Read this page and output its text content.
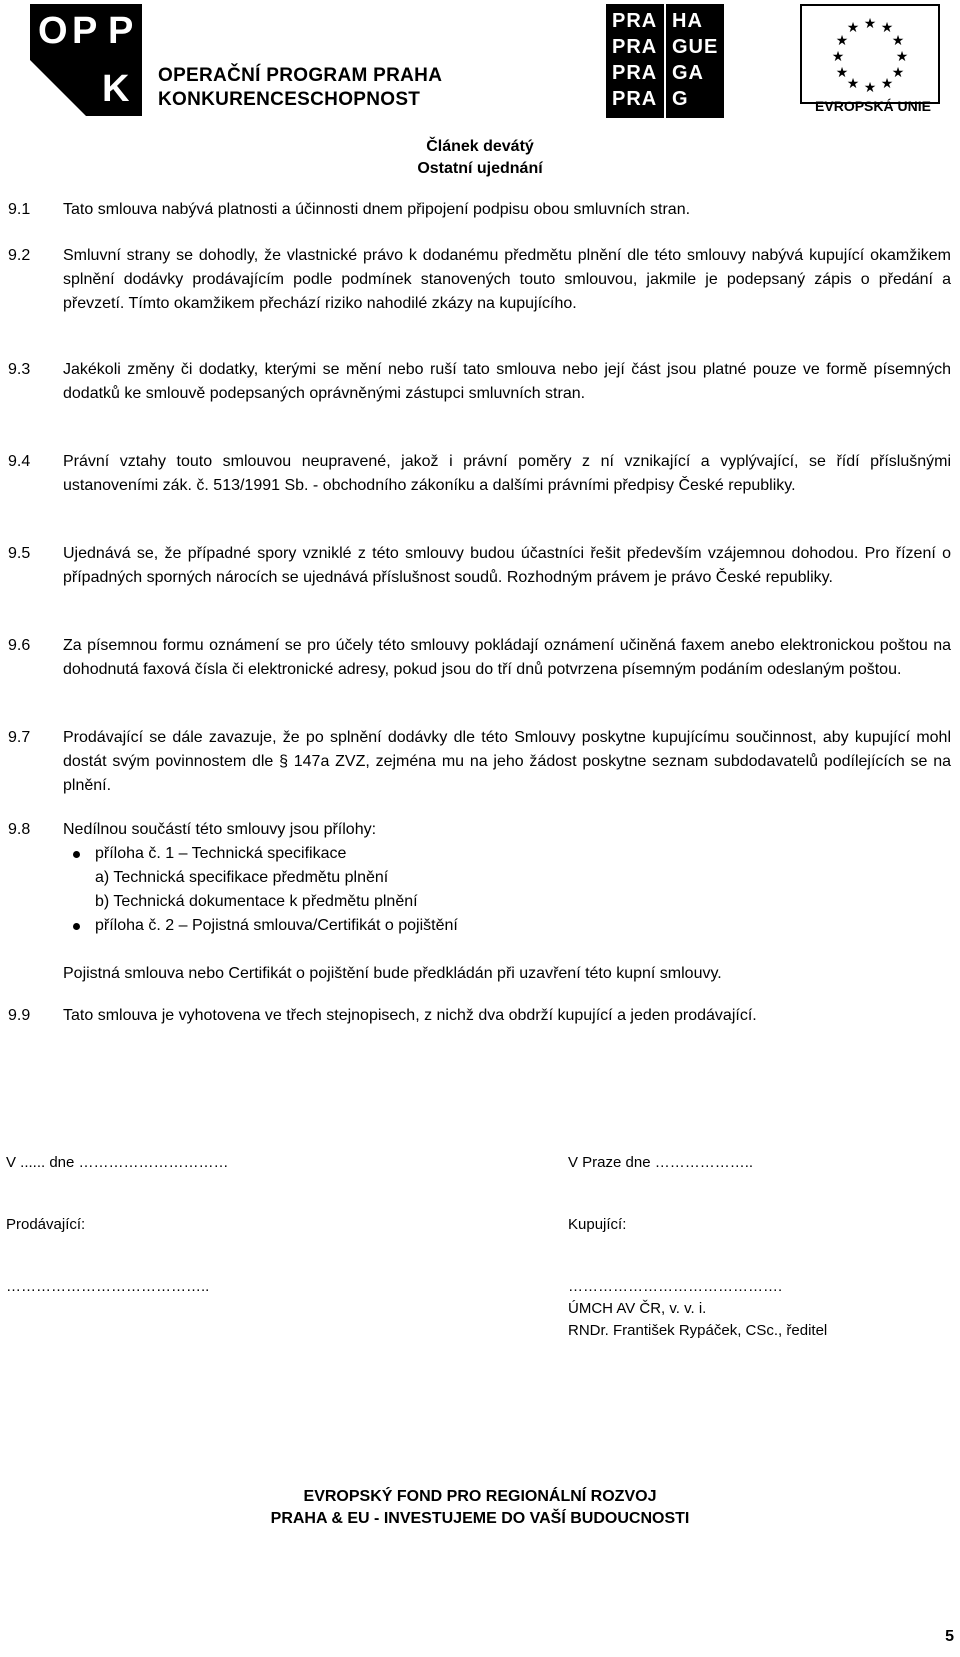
O P P
K OPERAČNÍ PROGRAM PRAHA
KONKURENCESCHOPNOST
PRA HA
PRA GUE
PRA GA
PRA G
★ ★
★
★
★
★
★
★
★
★
★
★
EVROPSKÁ UNIE
Článek devátý
Ostatní ujednání
9.1 Tato smlouva nabývá platnosti a účinnosti dnem připojení podpisu obou smluvních stran.
9.2 Smluvní strany se dohodly, že vlastnické právo k dodanému předmětu plnění dle této smlouvy nabývá kupující okamžikem splnění dodávky prodávajícím podle podmínek stanovených touto smlouvou, jakmile je podepsaný zápis o předání a převzetí. Tímto okamžikem přechází riziko nahodilé zkázy na kupujícího.
9.3 Jakékoli změny či dodatky, kterými se mění nebo ruší tato smlouva nebo její část jsou platné pouze ve formě písemných dodatků ke smlouvě podepsaných oprávněnými zástupci smluvních stran.
9.4 Právní vztahy touto smlouvou neupravené, jakož i právní poměry z ní vznikající a vyplývající, se řídí příslušnými ustanoveními zák. č. 513/1991 Sb. - obchodního zákoníku a dalšími právními předpisy České republiky.
9.5 Ujednává se, že případné spory vzniklé z této smlouvy budou účastníci řešit především vzájemnou dohodou. Pro řízení o případných sporných nárocích se ujednává příslušnost soudů. Rozhodným právem je právo České republiky.
9.6 Za písemnou formu oznámení se pro účely této smlouvy pokládají oznámení učiněná faxem anebo elektronickou poštou na dohodnutá faxová čísla či elektronické adresy, pokud jsou do tří dnů potvrzena písemným podáním odeslaným poštou.
9.7 Prodávající se dále zavazuje, že po splnění dodávky dle této Smlouvy poskytne kupujícímu součinnost, aby kupující mohl dostát svým povinnostem dle § 147a ZVZ, zejména mu na jeho žádost poskytne seznam subdodavatelů podílejících se na plnění.
9.8 Nedílnou součástí této smlouvy jsou přílohy:
příloha č. 1 – Technická specifikace
a) Technická specifikace předmětu plnění
b) Technická dokumentace k předmětu plnění
příloha č. 2 – Pojistná smlouva/Certifikát o pojištění
Pojistná smlouva nebo Certifikát o pojištění bude předkládán při uzavření této kupní smlouvy.
9.9 Tato smlouva je vyhotovena ve třech stejnopisech, z nichž dva obdrží kupující a jeden prodávající.
V ...... dne …………………………	V Praze dne ………………..
Prodávající:	Kupující:
…………………………………..	…………………………………….
ÚMCH AV ČR, v. v. i.
RNDr. František Rypáček, CSc., ředitel
EVROPSKÝ FOND PRO REGIONÁLNÍ ROZVOJ
PRAHA & EU - INVESTUJEME DO VAŠÍ BUDOUCNOSTI
5
